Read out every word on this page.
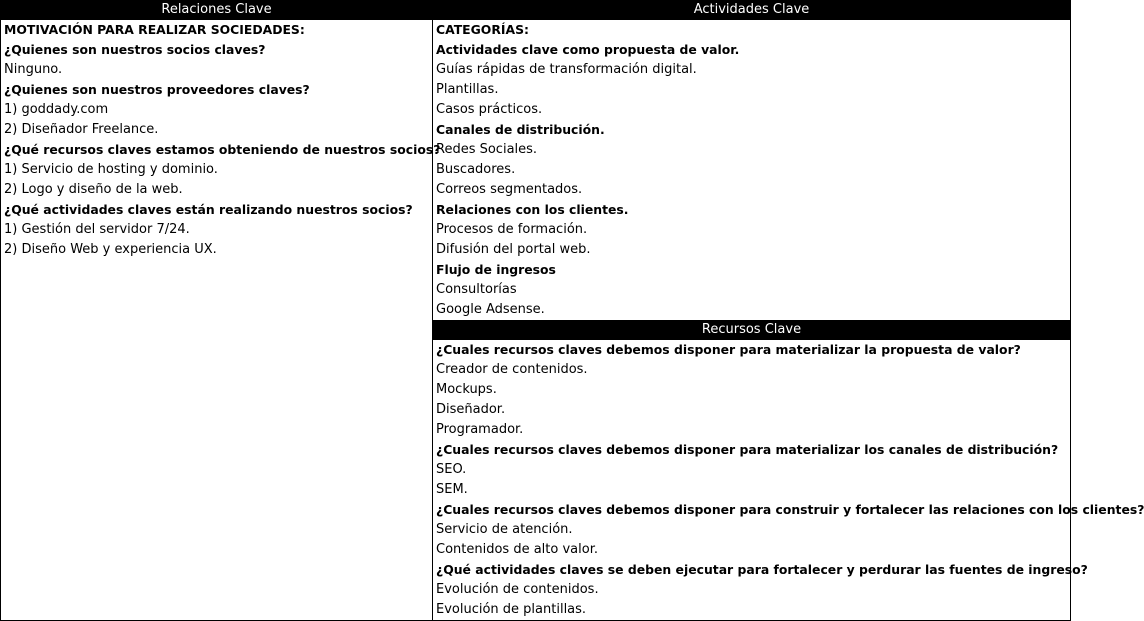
Relaciones Clave
MOTIVACIÓN PARA REALIZAR SOCIEDADES:
¿Quienes son nuestros socios claves?
Ninguno.
¿Quienes son nuestros proveedores claves?
1) goddady.com
2) Diseñador Freelance.
¿Qué recursos claves estamos obteniendo de nuestros socios?
1) Servicio de hosting y dominio.
2) Logo y diseño de la web.
¿Qué actividades claves están realizando nuestros socios?
1) Gestión del servidor 7/24.
2) Diseño Web y experiencia UX.
Actividades Clave
CATEGORÍAS:
Actividades clave como propuesta de valor.
Guías rápidas de transformación digital.
Plantillas.
Casos prácticos.
Canales de distribución.
Redes Sociales.
Buscadores.
Correos segmentados.
Relaciones con los clientes.
Procesos de formación.
Difusión del portal web.
Flujo de ingresos
Consultorías
Google Adsense.
Recursos Clave
¿Cuales recursos claves debemos disponer para materializar la propuesta de valor?
Creador de contenidos.
Mockups.
Diseñador.
Programador.
¿Cuales recursos claves debemos disponer para materializar los canales de distribución?
SEO.
SEM.
¿Cuales recursos claves debemos disponer para construir y fortalecer las relaciones con los clientes?
Servicio de atención.
Contenidos de alto valor.
¿Qué actividades claves se deben ejecutar para fortalecer y perdurar las fuentes de ingreso?
Evolución de contenidos.
Evolución de plantillas.
